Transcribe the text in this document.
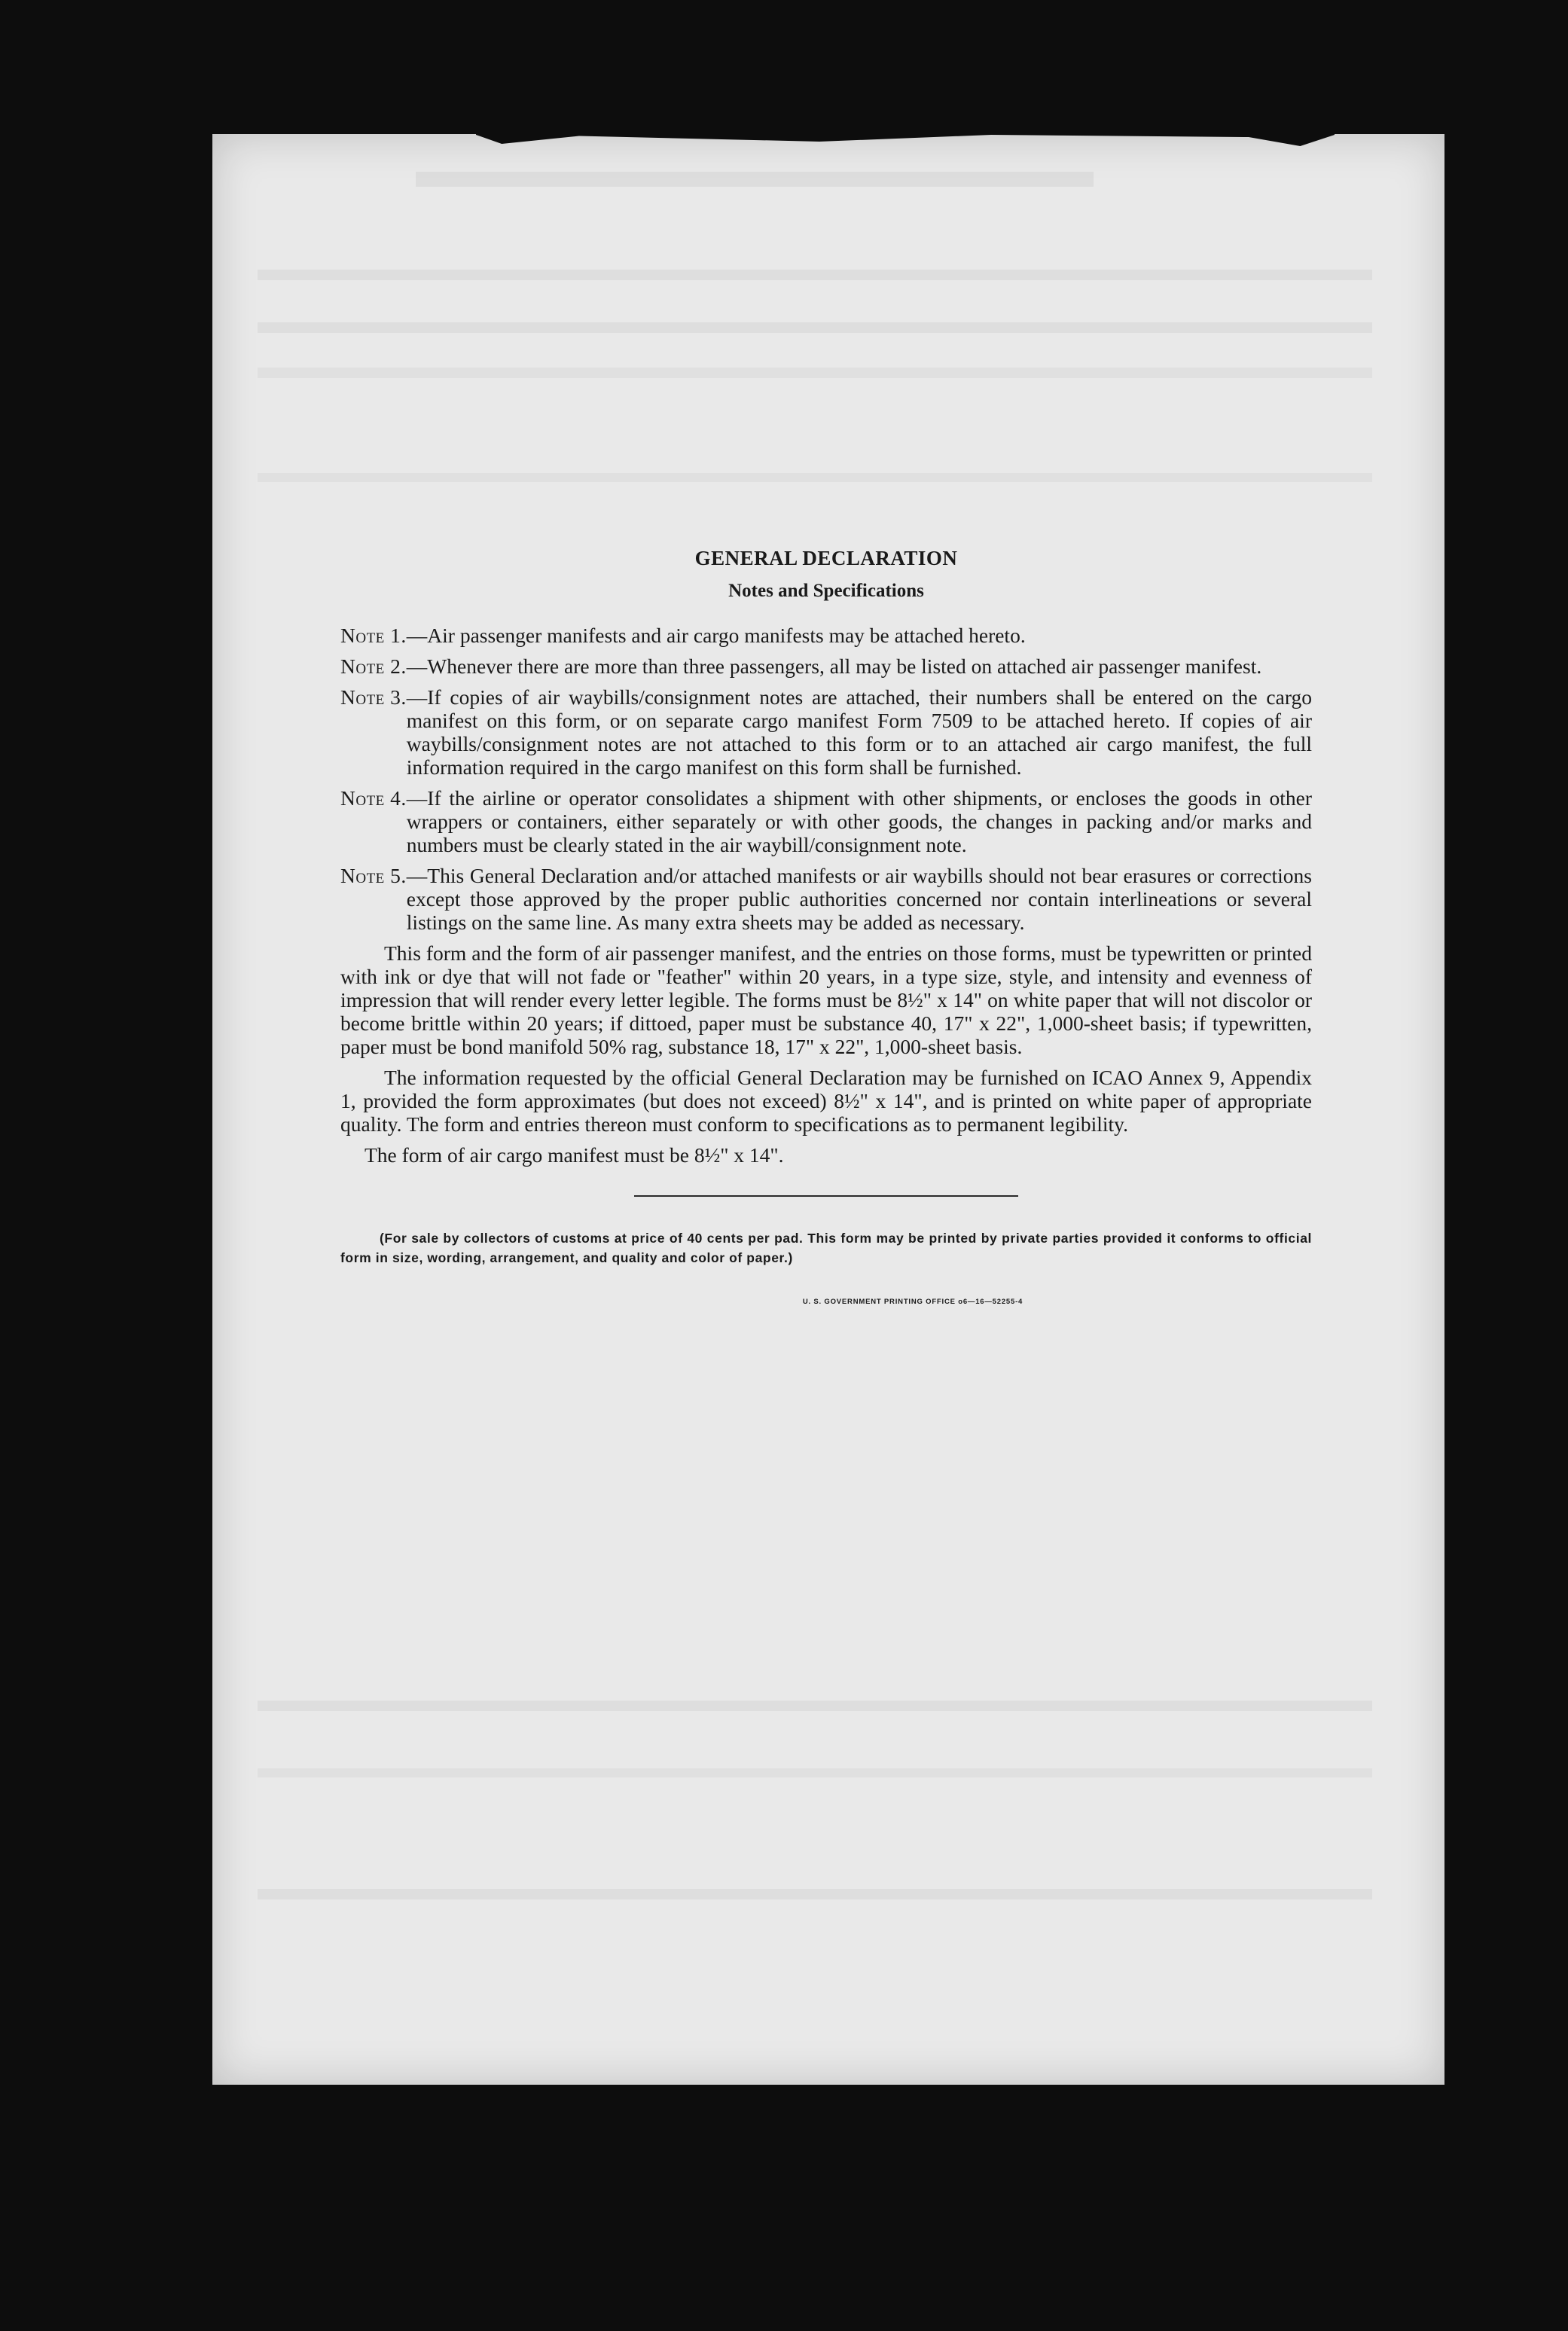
GENERAL DECLARATION
Notes and Specifications
Note 1. —Air passenger manifests and air cargo manifests may be attached hereto.
Note 2. —Whenever there are more than three passengers, all may be listed on attached air passenger manifest.
Note 3. —If copies of air waybills/consignment notes are attached, their numbers shall be entered on the cargo manifest on this form, or on separate cargo manifest Form 7509 to be attached hereto. If copies of air waybills/consignment notes are not attached to this form or to an attached air cargo manifest, the full information required in the cargo manifest on this form shall be furnished.
Note 4. —If the airline or operator consolidates a shipment with other shipments, or encloses the goods in other wrappers or containers, either separately or with other goods, the changes in packing and/or marks and numbers must be clearly stated in the air waybill/consignment note.
Note 5. —This General Declaration and/or attached manifests or air waybills should not bear erasures or corrections except those approved by the proper public authorities concerned nor contain interlineations or several listings on the same line. As many extra sheets may be added as necessary.

This form and the form of air passenger manifest, and the entries on those forms, must be typewritten or printed with ink or dye that will not fade or "feather" within 20 years, in a type size, style, and intensity and evenness of impression that will render every letter legible. The forms must be 8½" x 14" on white paper that will not discolor or become brittle within 20 years; if dittoed, paper must be substance 40, 17" x 22", 1,000-sheet basis; if typewritten, paper must be bond manifold 50% rag, substance 18, 17" x 22", 1,000-sheet basis.

The information requested by the official General Declaration may be furnished on ICAO Annex 9, Appendix 1, provided the form approximates (but does not exceed) 8½" x 14", and is printed on white paper of appropriate quality. The form and entries thereon must conform to specifications as to permanent legibility.

The form of air cargo manifest must be 8½" x 14".

(For sale by collectors of customs at price of 40 cents per pad. This form may be printed by private parties provided it conforms to official form in size, wording, arrangement, and quality and color of paper.)

U. S. GOVERNMENT PRINTING OFFICE o6—16—52255-4
